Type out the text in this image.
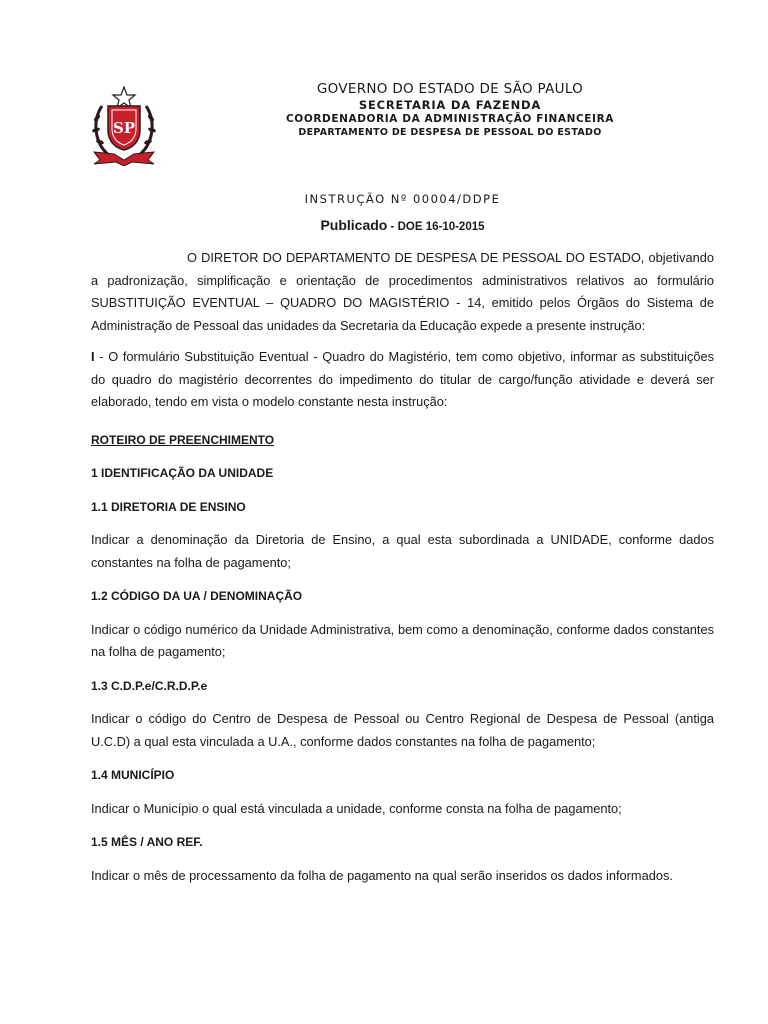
SP

GOVERNO DO ESTADO DE SÃO PAULO

SECRETARIA DA FAZENDA

COORDENADORIA DA ADMINISTRAÇÃO FINANCEIRA

DEPARTAMENTO DE DESPESA DE PESSOAL DO ESTADO

INSTRUÇÃO Nº 00004/DDPE

Publicado - DOE 16-10-2015

O DIRETOR DO DEPARTAMENTO DE DESPESA DE PESSOAL DO ESTADO, objetivando a padronização, simplificação e orientação de procedimentos administrativos relativos ao formulário SUBSTITUIÇÃO EVENTUAL – QUADRO DO MAGISTÉRIO - 14, emitido pelos Órgãos do Sistema de Administração de Pessoal das unidades da Secretaria da Educação expede a presente instrução:

I - O formulário Substituição Eventual - Quadro do Magistério, tem como objetivo, informar as substituições do quadro do magistério decorrentes do impedimento do titular de cargo/função atividade e deverá ser elaborado, tendo em vista o modelo constante nesta instrução:

ROTEIRO DE PREENCHIMENTO

1 IDENTIFICAÇÃO DA UNIDADE

1.1 DIRETORIA DE ENSINO

Indicar a denominação da Diretoria de Ensino, a qual esta subordinada a UNIDADE, conforme dados constantes na folha de pagamento;

1.2 CÓDIGO DA UA / DENOMINAÇÃO

Indicar o código numérico da Unidade Administrativa, bem como a denominação, conforme dados constantes na folha de pagamento;

1.3 C.D.P.e/C.R.D.P.e

Indicar o código do Centro de Despesa de Pessoal ou Centro Regional de Despesa de Pessoal (antiga U.C.D) a qual esta vinculada a U.A., conforme dados constantes na folha de pagamento;

1.4 MUNICÍPIO

Indicar o Município o qual está vinculada a unidade, conforme consta na folha de pagamento;

1.5 MÊS / ANO REF.

Indicar o mês de processamento da folha de pagamento na qual serão inseridos os dados informados.
